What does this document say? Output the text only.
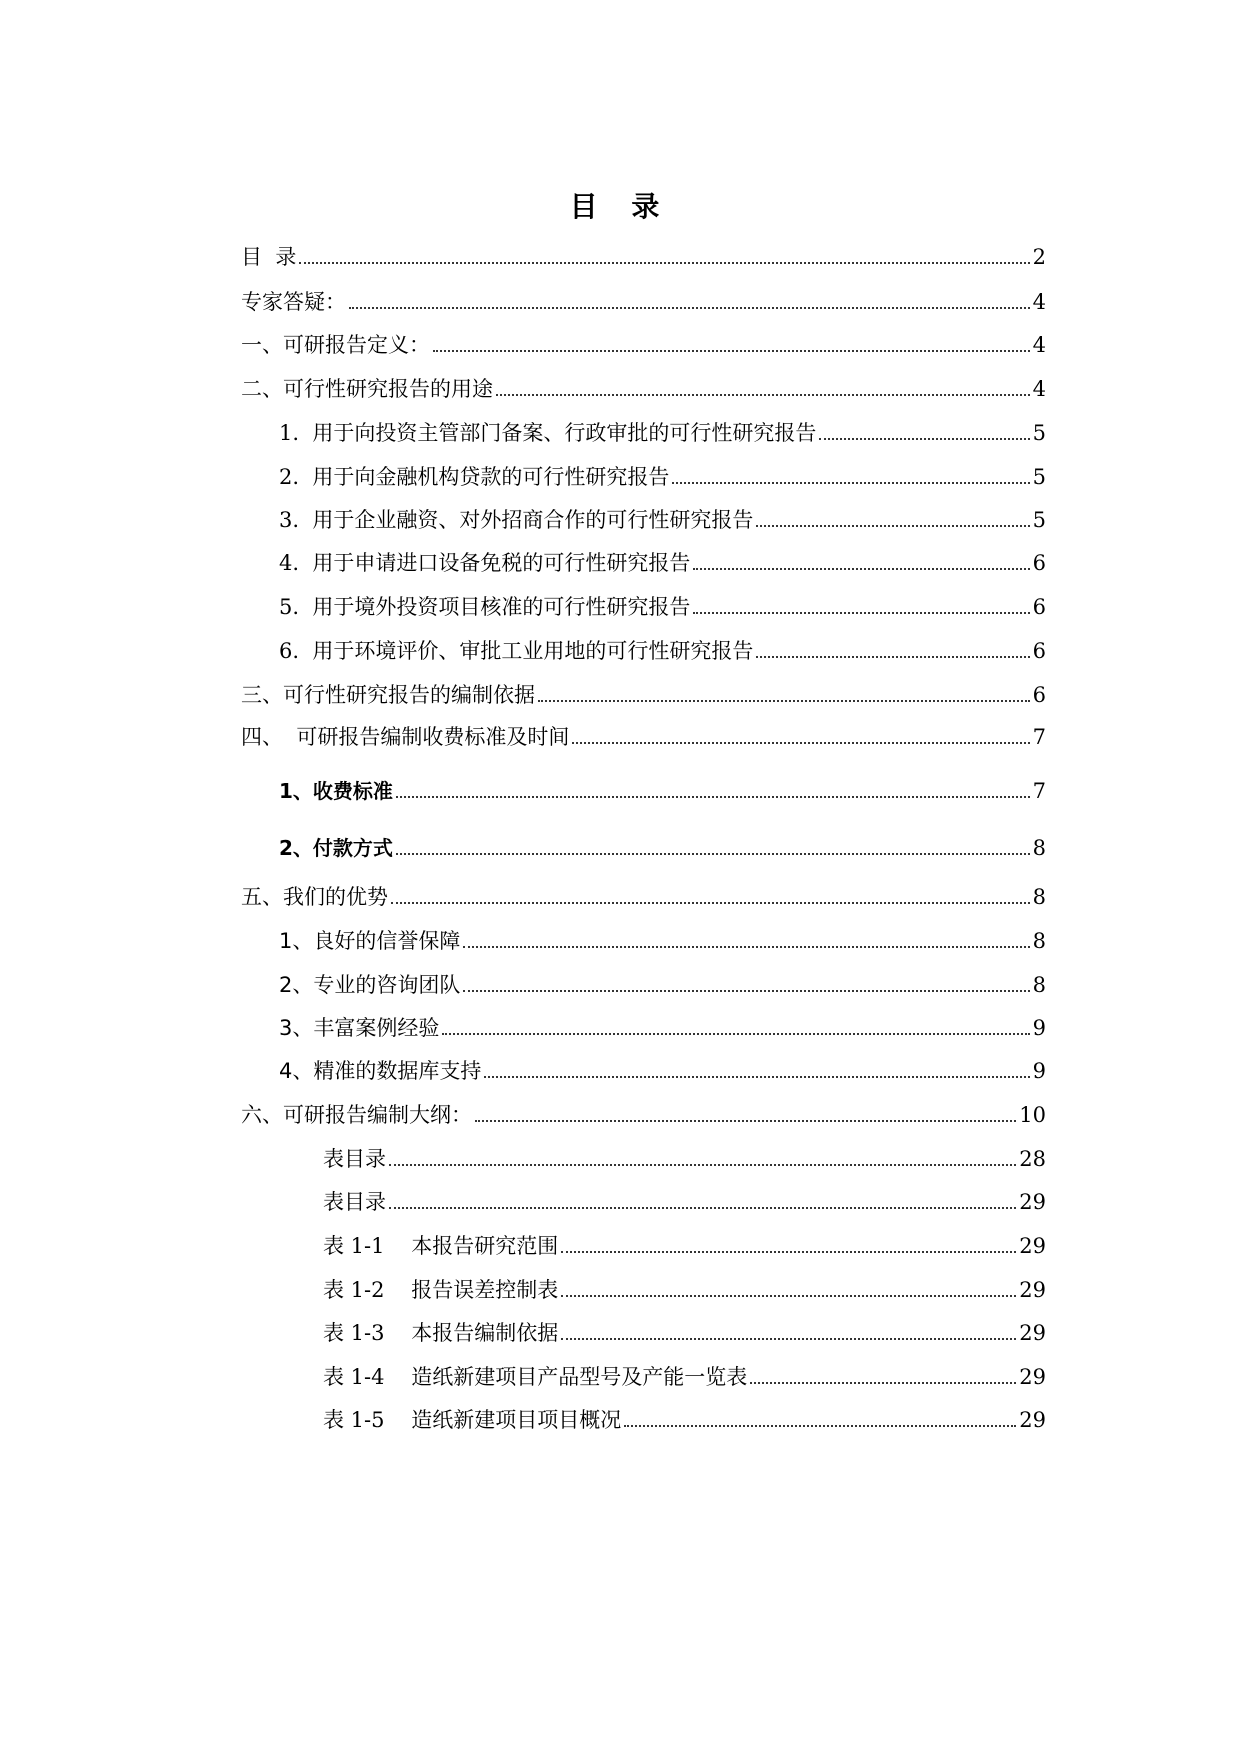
目 录
目  录	2
专家答疑：	4
一、可研报告定义：	4
二、可行性研究报告的用途	4
1. 用于向投资主管部门备案、行政审批的可行性研究报告	5
2. 用于向金融机构贷款的可行性研究报告	5
3. 用于企业融资、对外招商合作的可行性研究报告	5
4. 用于申请进口设备免税的可行性研究报告	6
5. 用于境外投资项目核准的可行性研究报告	6
6. 用于环境评价、审批工业用地的可行性研究报告	6
三、可行性研究报告的编制依据	6
四、 可研报告编制收费标准及时间	7
1、 收费标准	7
2、 付款方式	8
五、我们的优势	8
1、 良好的信誉保障	8
2、 专业的咨询团队	8
3、 丰富案例经验	9
4、 精准的数据库支持	9
六、可研报告编制大纲：	10
表目录	28
表目录	29
表 1-1 本报告研究范围	29
表 1-2 报告误差控制表	29
表 1-3 本报告编制依据	29
表 1-4 造纸新建项目产品型号及产能一览表	29
表 1-5 造纸新建项目项目概况	29
